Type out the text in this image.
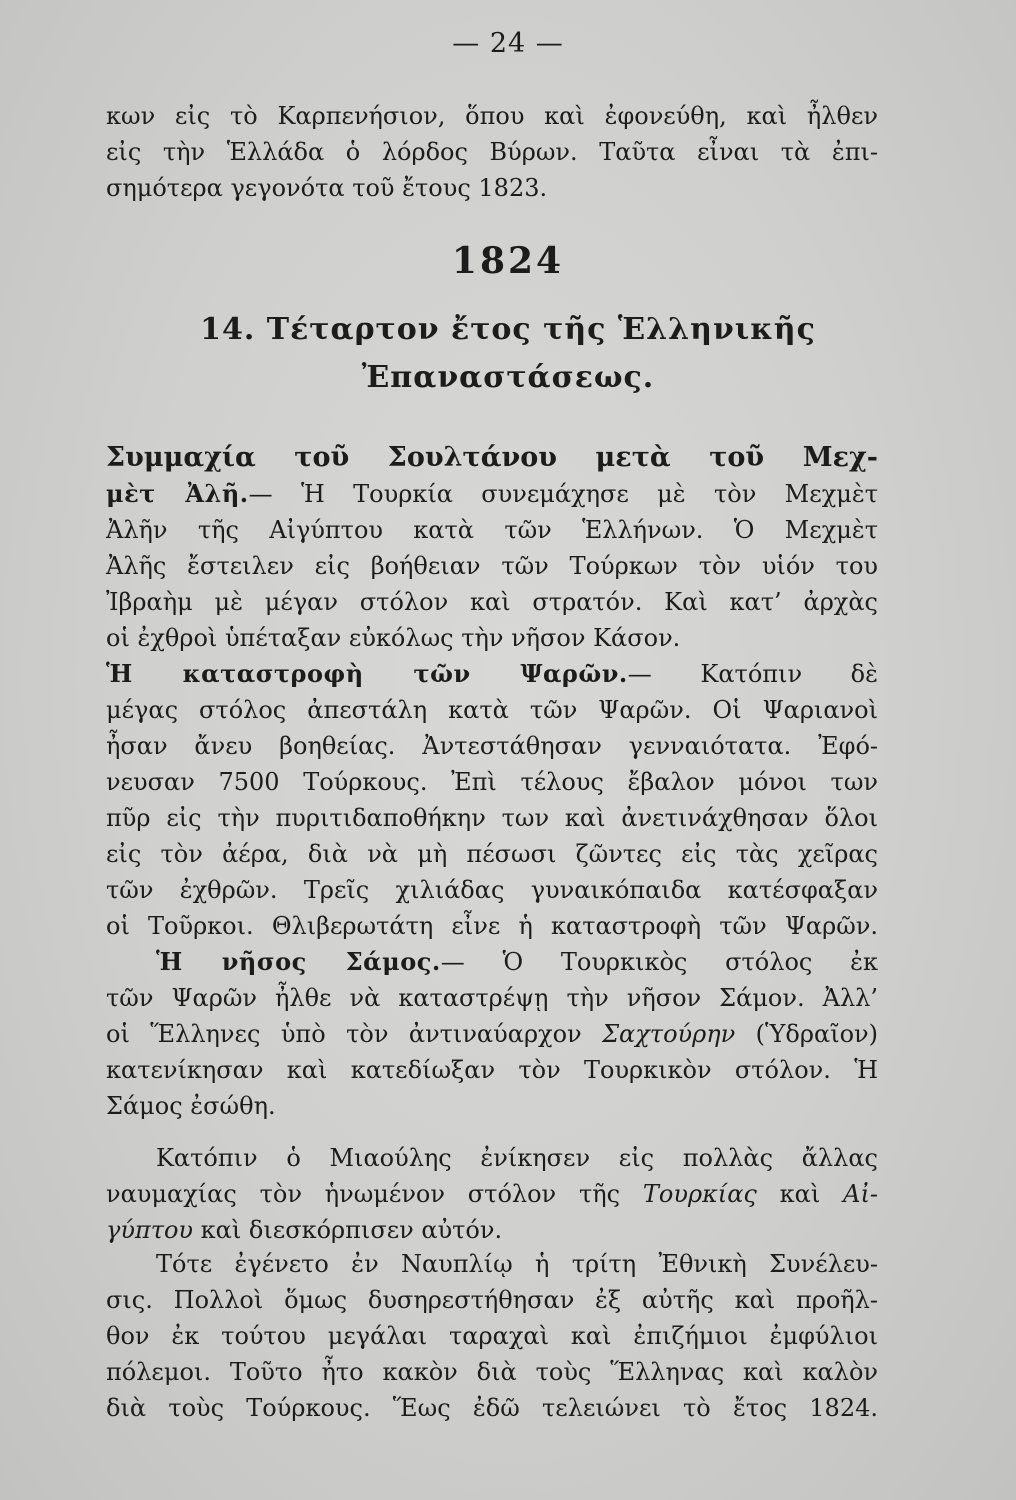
— 24 —
κων εἰς τὸ Καρπενήσιον, ὅπου καὶ ἐφονεύθη, καὶ ἦλθεν
εἰς τὴν Ἑλλάδα ὁ λόρδος Βύρων. Ταῦτα εἶναι τὰ ἐπι-
σημότερα γεγονότα τοῦ ἔτους 1823.
1824
14. Τέταρτον ἔτος τῆς Ἑλληνικῆς
Ἐπαναστάσεως.
Συμμαχία τοῦ Σουλτάνου μετὰ τοῦ Μεχ-
μὲτ Ἀλῆ.— Ἡ Τουρκία συνεμάχησε μὲ τὸν Μεχμὲτ
Ἀλῆν τῆς Αἰγύπτου κατὰ τῶν Ἑλλήνων. Ὁ Μεχμὲτ
Ἀλῆς ἔστειλεν εἰς βοήθειαν τῶν Τούρκων τὸν υἱόν του
Ἰβραὴμ μὲ μέγαν στόλον καὶ στρατόν. Καὶ κατ’ ἀρχὰς
οἱ ἐχθροὶ ὑπέταξαν εὐκόλως τὴν νῆσον Κάσον.
Ἡ καταστροφὴ τῶν Ψαρῶν.— Κατόπιν δὲ
μέγας στόλος ἀπεστάλη κατὰ τῶν Ψαρῶν. Οἱ Ψαριανοὶ
ἦσαν ἄνευ βοηθείας. Ἀντεστάθησαν γενναιότατα. Ἐφό-
νευσαν 7500 Τούρκους. Ἐπὶ τέλους ἔβαλον μόνοι των
πῦρ εἰς τὴν πυριτιδαποθήκην των καὶ ἀνετινάχθησαν ὅλοι
εἰς τὸν ἀέρα, διὰ νὰ μὴ πέσωσι ζῶντες εἰς τὰς χεῖρας
τῶν ἐχθρῶν. Τρεῖς χιλιάδας γυναικόπαιδα κατέσφαξαν
οἱ Τοῦρκοι. Θλιβερωτάτη εἶνε ἡ καταστροφὴ τῶν Ψαρῶν.
Ἡ νῆσος Σάμος.— Ὁ Τουρκικὸς στόλος ἐκ
τῶν Ψαρῶν ἦλθε νὰ καταστρέψῃ τὴν νῆσον Σάμον. Ἀλλ’
οἱ Ἕλληνες ὑπὸ τὸν ἀντιναύαρχον Σαχτούρην (Ὑδραῖον)
κατενίκησαν καὶ κατεδίωξαν τὸν Τουρκικὸν στόλον. Ἡ
Σάμος ἐσώθη.
Κατόπιν ὁ Μιαούλης ἐνίκησεν εἰς πολλὰς ἄλλας
ναυμαχίας τὸν ἡνωμένον στόλον τῆς Τουρκίας καὶ Αἰ-
γύπτου καὶ διεσκόρπισεν αὐτόν.
Τότε ἐγένετο ἐν Ναυπλίῳ ἡ τρίτη Ἐθνικὴ Συνέλευ-
σις. Πολλοὶ ὅμως δυσηρεστήθησαν ἐξ αὐτῆς καὶ προῆλ-
θον ἐκ τούτου μεγάλαι ταραχαὶ καὶ ἐπιζήμιοι ἐμφύλιοι
πόλεμοι. Τοῦτο ἦτο κακὸν διὰ τοὺς Ἕλληνας καὶ καλὸν
διὰ τοὺς Τούρκους. Ἕως ἐδῶ τελειώνει τὸ ἔτος 1824.
